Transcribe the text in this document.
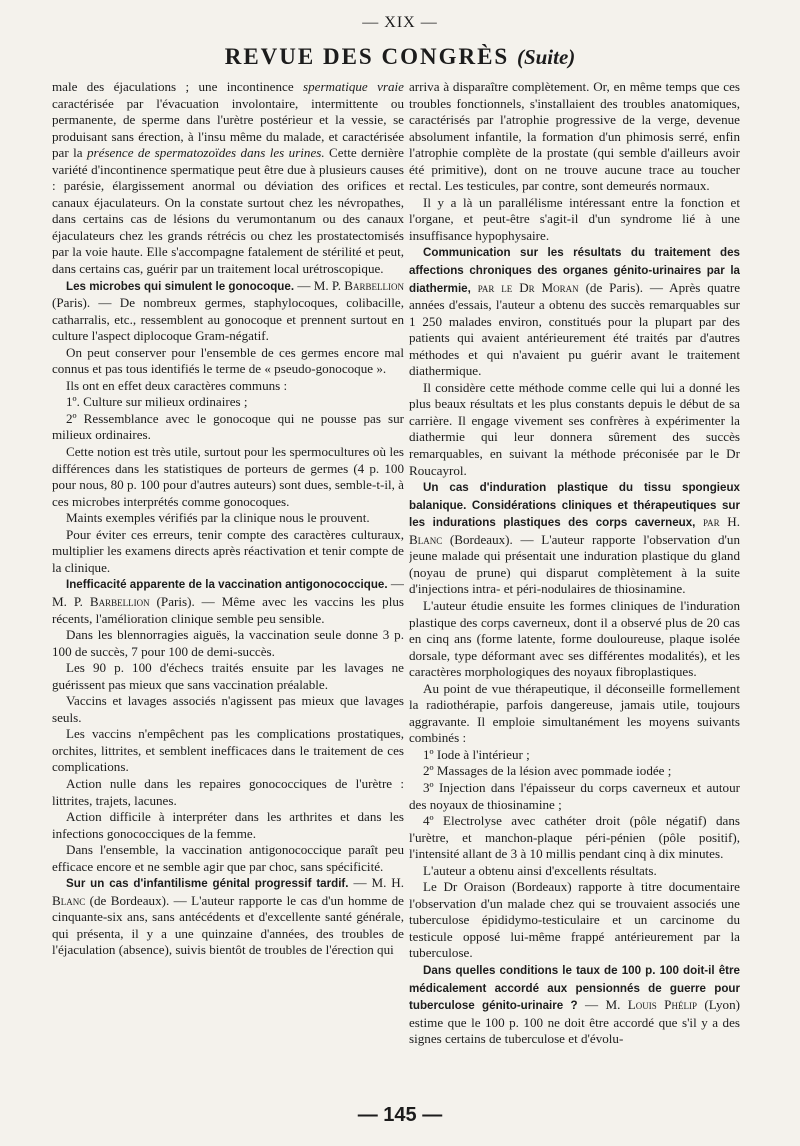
— XIX —
REVUE DES CONGRÈS (Suite)

male des éjaculations ; une incontinence spermatique vraie caractérisée par l'évacuation involontaire, intermittente ou permanente, de sperme dans l'urètre postérieur et la vessie, se produisant sans érection, à l'insu même du malade, et caractérisée par la présence de spermatozoïdes dans les urines. Cette dernière variété d'incontinence spermatique peut être due à plusieurs causes : parésie, élargissement anormal ou déviation des orifices et canaux éjaculateurs. On la constate surtout chez les névropathes, dans certains cas de lésions du verumontanum ou des canaux éjaculateurs chez les grands rétrécis ou chez les prostatectomisés par la voie haute. Elle s'accompagne fatalement de stérilité et peut, dans certains cas, guérir par un traitement local urétroscopique.

Les microbes qui simulent le gonocoque. — M. P. Barbellion (Paris). — De nombreux germes, staphylocoques, colibacille, catharralis, etc., ressemblent au gonocoque et prennent surtout en culture l'aspect diplocoque Gram-négatif.

On peut conserver pour l'ensemble de ces germes encore mal connus et pas tous identifiés le terme de « pseudo-gonocoque ».

Ils ont en effet deux caractères communs :

1º. Culture sur milieux ordinaires ;

2º Ressemblance avec le gonocoque qui ne pousse pas sur milieux ordinaires.

Cette notion est très utile, surtout pour les spermocultures où les différences dans les statistiques de porteurs de germes (4 p. 100 pour nous, 80 p. 100 pour d'autres auteurs) sont dues, semble-t-il, à ces microbes interprétés comme gonocoques.

Maints exemples vérifiés par la clinique nous le prouvent.

Pour éviter ces erreurs, tenir compte des caractères culturaux, multiplier les examens directs après réactivation et tenir compte de la clinique.

Inefficacité apparente de la vaccination antigonococcique. — M. P. Barbellion (Paris). — Même avec les vaccins les plus récents, l'amélioration clinique semble peu sensible.

Dans les blennorragies aiguës, la vaccination seule donne 3 p. 100 de succès, 7 pour 100 de demi-succès.

Les 90 p. 100 d'échecs traités ensuite par les lavages ne guérissent pas mieux que sans vaccination préalable.

Vaccins et lavages associés n'agissent pas mieux que lavages seuls.

Les vaccins n'empêchent pas les complications prostatiques, orchites, littrites, et semblent inefficaces dans le traitement de ces complications.

Action nulle dans les repaires gonococciques de l'urètre : littrites, trajets, lacunes.

Action difficile à interpréter dans les arthrites et dans les infections gonococciques de la femme.

Dans l'ensemble, la vaccination antigonococcique paraît peu efficace encore et ne semble agir que par choc, sans spécificité.

Sur un cas d'infantilisme génital progressif tardif. — M. H. Blanc (de Bordeaux). — L'auteur rapporte le cas d'un homme de cinquante-six ans, sans antécédents et d'excellente santé générale, qui présenta, il y a une quinzaine d'années, des troubles de l'éjaculation (absence), suivis bientôt de troubles de l'érection qui

arriva à disparaître complètement. Or, en même temps que ces troubles fonctionnels, s'installaient des troubles anatomiques, caractérisés par l'atrophie progressive de la verge, devenue absolument infantile, la formation d'un phimosis serré, enfin l'atrophie complète de la prostate (qui semble d'ailleurs avoir été primitive), dont on ne trouve aucune trace au toucher rectal. Les testicules, par contre, sont demeurés normaux.

Il y a là un parallélisme intéressant entre la fonction et l'organe, et peut-être s'agit-il d'un syndrome lié à une insuffisance hypophysaire.

Communication sur les résultats du traitement des affections chroniques des organes génito-urinaires par la diathermie, par le Dr Moran (de Paris). — Après quatre années d'essais, l'auteur a obtenu des succès remarquables sur 1 250 malades environ, constitués pour la plupart par des patients qui avaient antérieurement été traités par d'autres méthodes et qui n'avaient pu guérir avant le traitement diathermique.

Il considère cette méthode comme celle qui lui a donné les plus beaux résultats et les plus constants depuis le début de sa carrière. Il engage vivement ses confrères à expérimenter la diathermie qui leur donnera sûrement des succès remarquables, en suivant la méthode préconisée par le Dr Roucayrol.

Un cas d'induration plastique du tissu spongieux balanique. Considérations cliniques et thérapeutiques sur les indurations plastiques des corps caverneux, par H. Blanc (Bordeaux). — L'auteur rapporte l'observation d'un jeune malade qui présentait une induration plastique du gland (noyau de prune) qui disparut complètement à la suite d'injections intra- et péri-nodulaires de thiosinamine.

L'auteur étudie ensuite les formes cliniques de l'induration plastique des corps caverneux, dont il a observé plus de 20 cas en cinq ans (forme latente, forme douloureuse, plaque isolée dorsale, type déformant avec ses différentes modalités), et les caractères morphologiques des noyaux fibroplastiques.

Au point de vue thérapeutique, il déconseille formellement la radiothérapie, parfois dangereuse, jamais utile, toujours aggravante. Il emploie simultanément les moyens suivants combinés :

1º Iode à l'intérieur ;

2º Massages de la lésion avec pommade iodée ;

3º Injection dans l'épaisseur du corps caverneux et autour des noyaux de thiosinamine ;

4º Electrolyse avec cathéter droit (pôle négatif) dans l'urètre, et manchon-plaque péri-pénien (pôle positif), l'intensité allant de 3 à 10 millis pendant cinq à dix minutes.

L'auteur a obtenu ainsi d'excellents résultats.

Le Dr Oraison (Bordeaux) rapporte à titre documentaire l'observation d'un malade chez qui se trouvaient associés une tuberculose épididymo-testiculaire et un carcinome du testicule opposé lui-même frappé antérieurement par la tuberculose.

Dans quelles conditions le taux de 100 p. 100 doit-il être médicalement accordé aux pensionnés de guerre pour tuberculose génito-urinaire ? — M. Louis Phélip (Lyon) estime que le 100 p. 100 ne doit être accordé que s'il y a des signes certains de tuberculose et d'évolu-

— 145 —
